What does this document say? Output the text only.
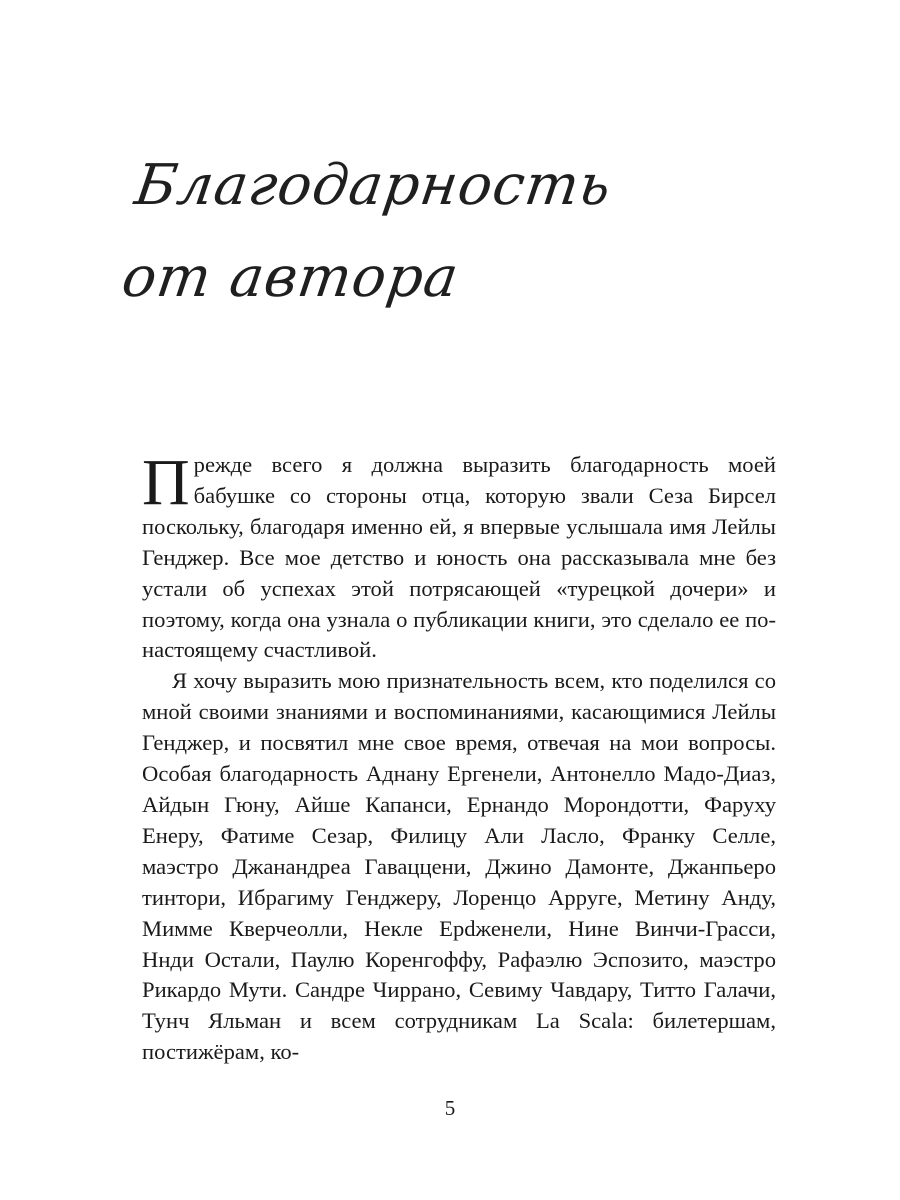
Благодарность
от автора

Прежде всего я должна выразить благодарность моей бабушке со стороны отца, которую звали Сеза Бирсел поскольку, благодаря именно ей, я впервые услышала имя Лейлы Генджер. Все мое детство и юность она рассказывала мне без устали об успехах этой потрясающей «турецкой дочери» и поэтому, когда она узнала о публикации книги, это сделало ее по-настоящему счастливой.

Я хочу выразить мою признательность всем, кто поделился со мной своими знаниями и воспоминаниями, касающимися Лейлы Генджер, и посвятил мне свое время, отвечая на мои вопросы. Особая благодарность Аднану Ергенели, Антонелло Мадо-Диаз, Айдын Гюну, Айше Капанси, Ернандо Морондотти, Фаруху Енеру, Фатиме Сезар, Филицу Али Ласло, Франку Селле, маэстро Джанандреа Гаваццени, Джино Дамонте, Джанпьеро тинтори, Ибрагиму Генджеру, Лоренцо Арруге, Метину Анду, Мимме Кверчеолли, Некле Ерdженели, Нине Винчи-Грасси, Ннди Остали, Паулю Коренгоффу, Рафаэлю Эспозито, маэстро Рикардо Мути. Сандре Чиррано, Севиму Чавдару, Титто Галачи, Тунч Яльман и всем сотрудникам La Scala: билетершам, постижёрам, ко-

5
